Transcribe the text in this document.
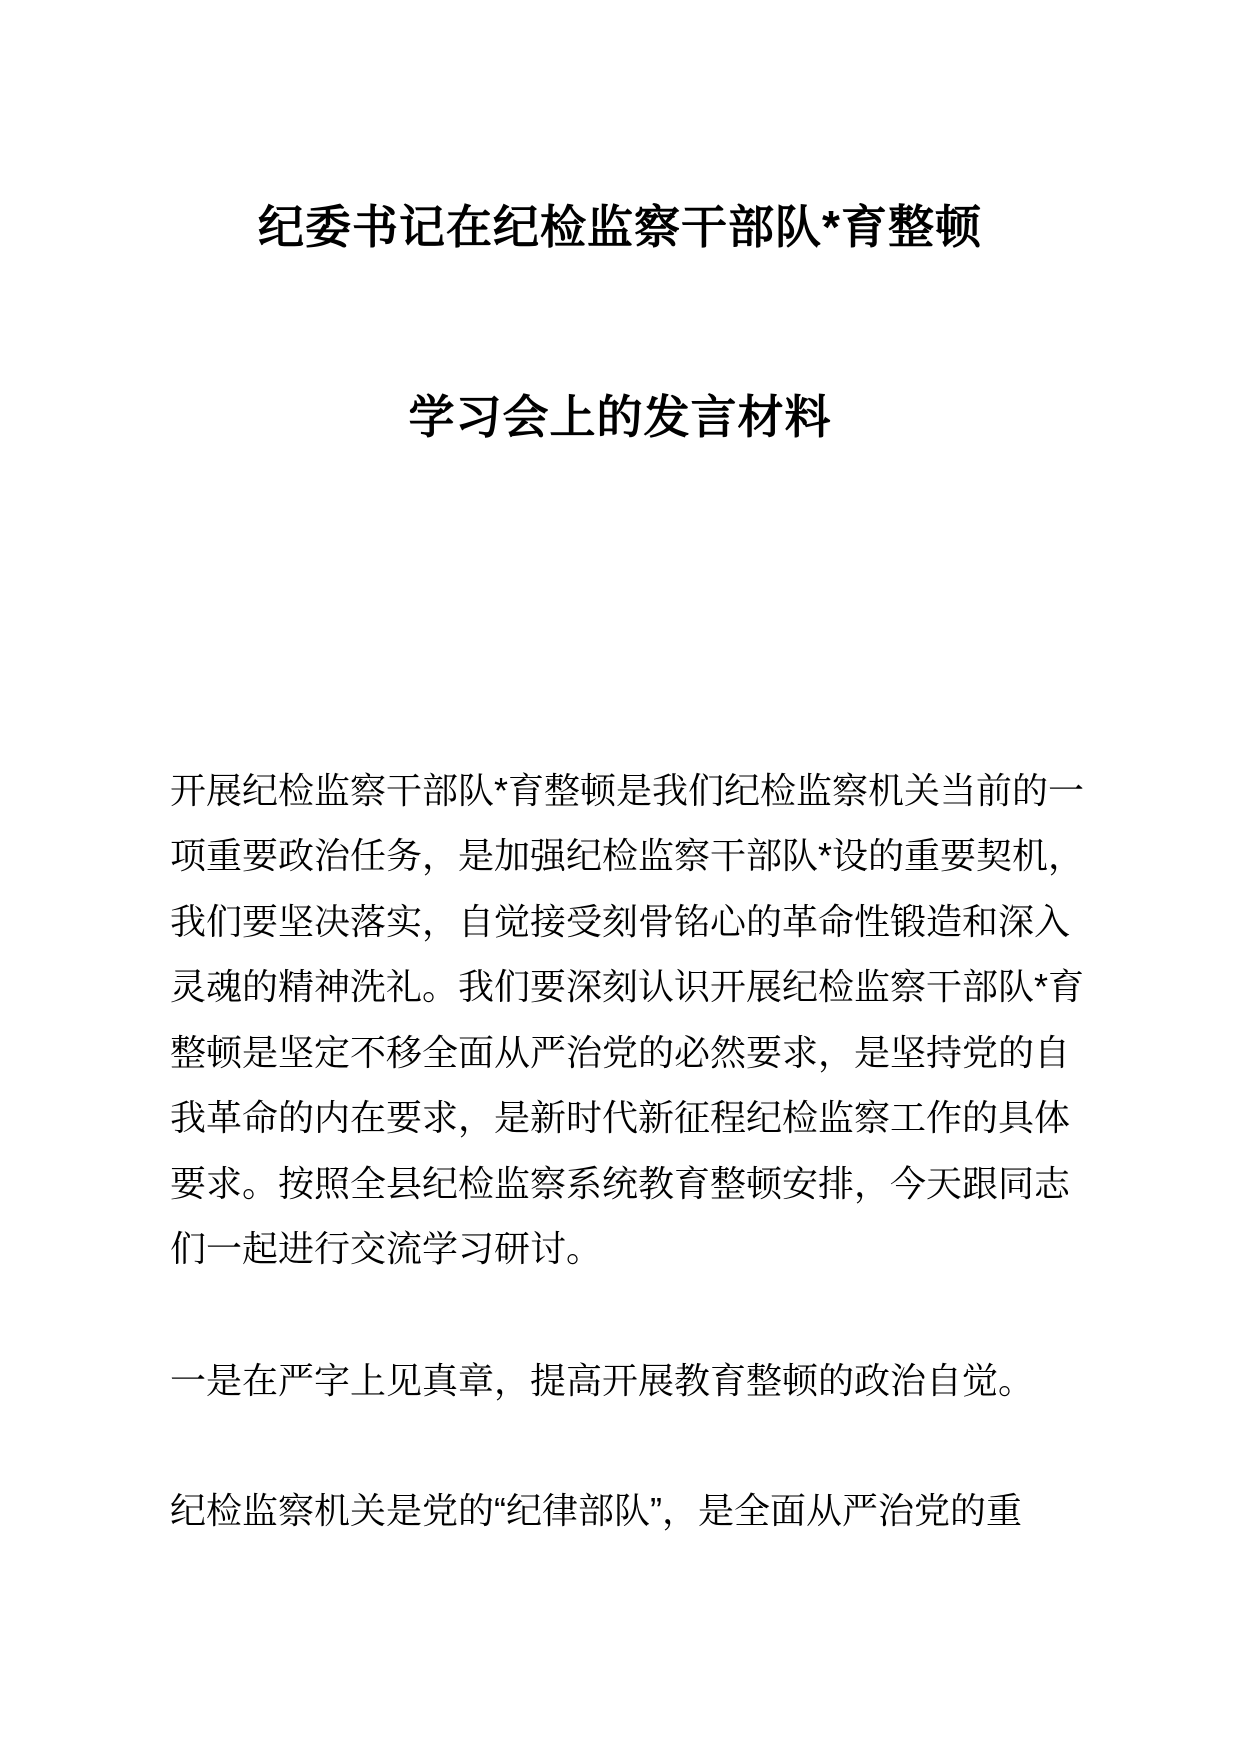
纪委书记在纪检监察干部队*育整顿
学习会上的发言材料
开展纪检监察干部队*育整顿是我们纪检监察机关当前的一
项重要政治任务，是加强纪检监察干部队*设的重要契机，
我们要坚决落实，自觉接受刻骨铭心的革命性锻造和深入
灵魂的精神洗礼。我们要深刻认识开展纪检监察干部队*育
整顿是坚定不移全面从严治党的必然要求，是坚持党的自
我革命的内在要求，是新时代新征程纪检监察工作的具体
要求。按照全县纪检监察系统教育整顿安排，今天跟同志
们一起进行交流学习研讨。
一是在严字上见真章，提高开展教育整顿的政治自觉。
纪检监察机关是党的“纪律部队”，是全面从严治党的重
